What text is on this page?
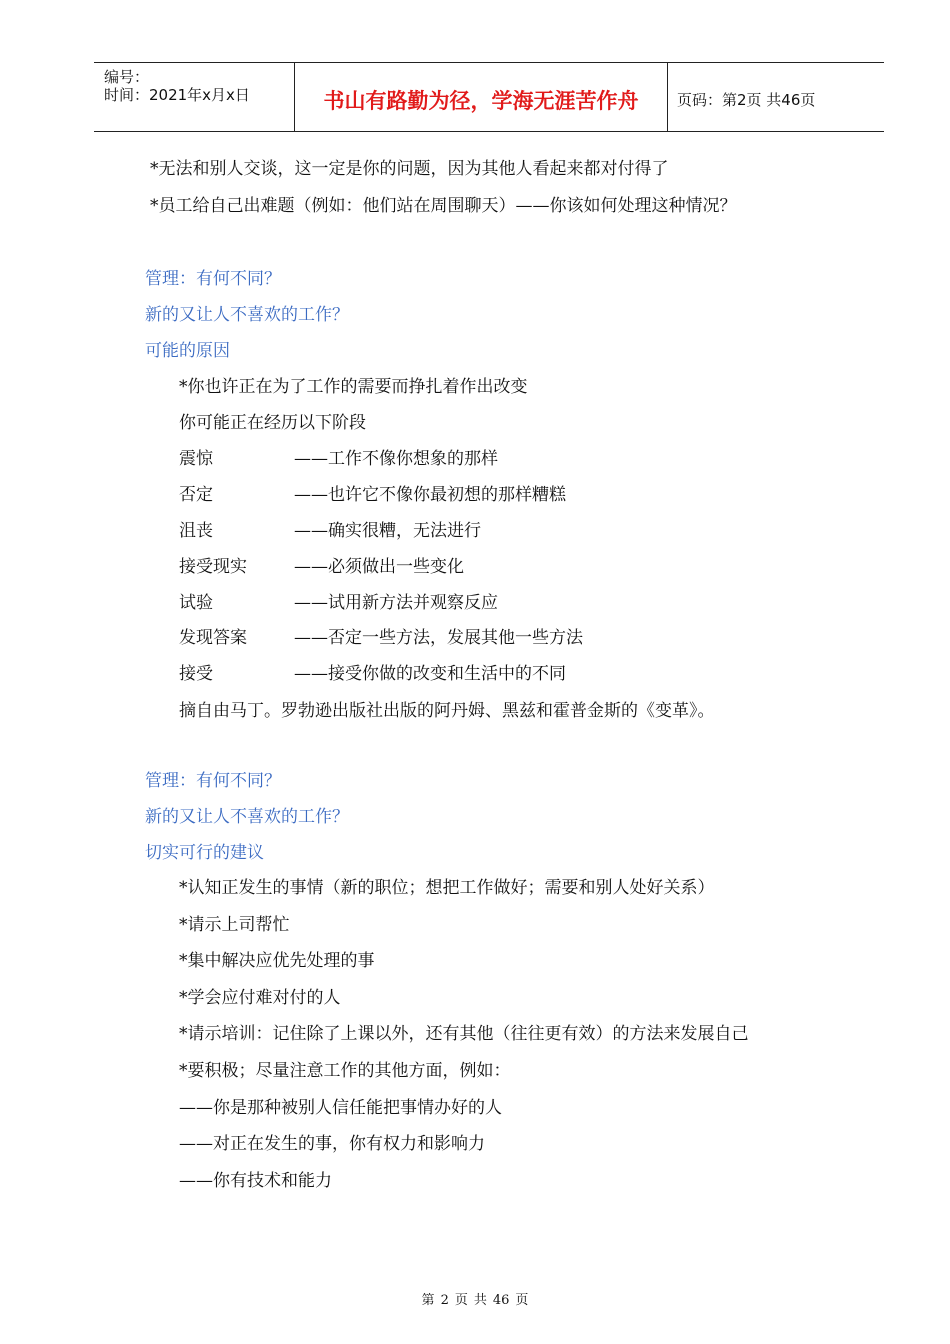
编号：
时间：2021年x月x日	书山有路勤为径，学海无涯苦作舟	页码：第2页 共46页
*无法和别人交谈，这一定是你的问题，因为其他人看起来都对付得了
*员工给自己出难题（例如：他们站在周围聊天）——你该如何处理这种情况？
管理：有何不同？
新的又让人不喜欢的工作？
可能的原因
*你也许正在为了工作的需要而挣扎着作出改变
你可能正在经历以下阶段
震惊	——工作不像你想象的那样
否定	——也许它不像你最初想的那样糟糕
沮丧	——确实很糟，无法进行
接受现实	——必须做出一些变化
试验	——试用新方法并观察反应
发现答案	——否定一些方法，发展其他一些方法
接受	——接受你做的改变和生活中的不同
摘自由马丁。罗勃逊出版社出版的阿丹姆、黑兹和霍普金斯的《变革》。
管理：有何不同？
新的又让人不喜欢的工作？
切实可行的建议
*认知正发生的事情（新的职位；想把工作做好；需要和别人处好关系）
*请示上司帮忙
*集中解决应优先处理的事
*学会应付难对付的人
*请示培训：记住除了上课以外，还有其他（往往更有效）的方法来发展自己
*要积极；尽量注意工作的其他方面，例如：
——你是那种被别人信任能把事情办好的人
——对正在发生的事，你有权力和影响力
——你有技术和能力
第 2 页 共 46 页
